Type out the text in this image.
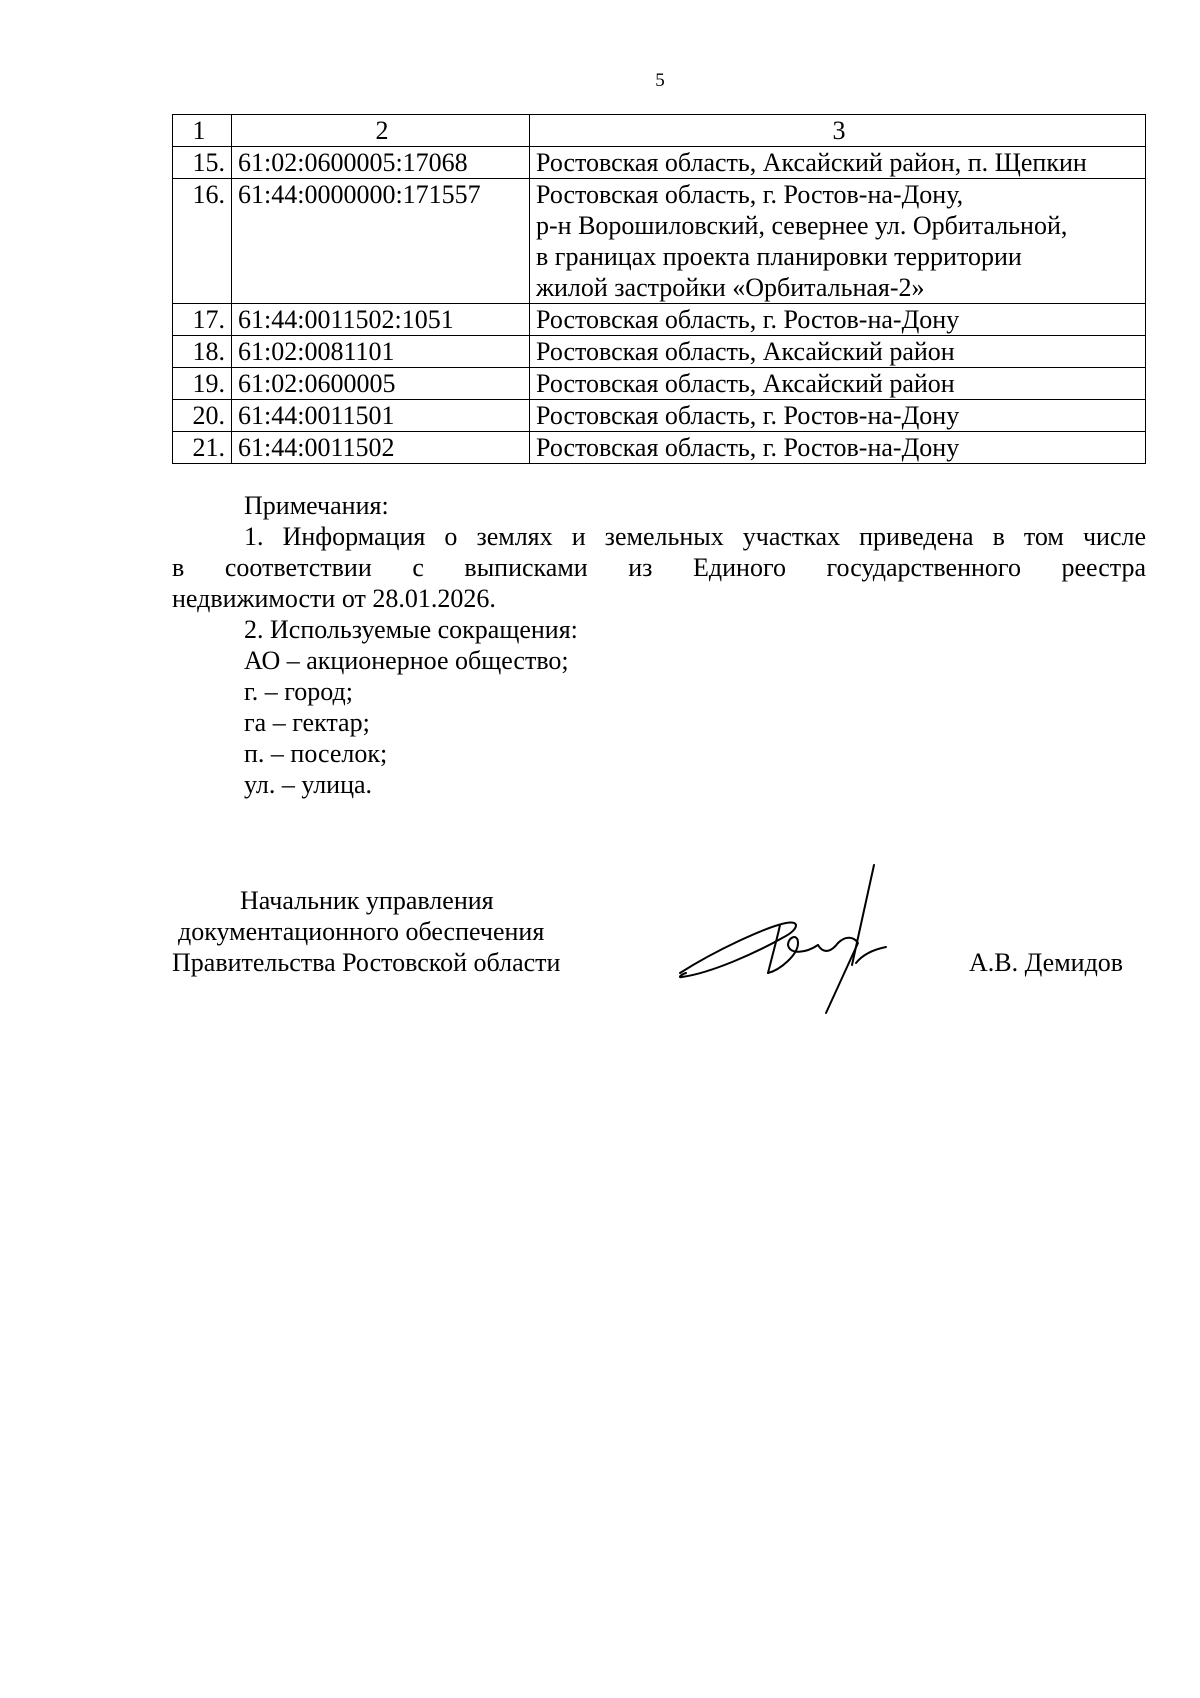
5
1	2	3
15.	61:02:0600005:17068	Ростовская область, Аксайский район, п. Щепкин

16.	61:44:0000000:171557	Ростовская область, г. Ростов-на-Дону,
р-н Ворошиловский, севернее ул. Орбитальной,
в границах проекта планировки территории
жилой застройки «Орбитальная-2»

17.	61:44:0011502:1051	Ростовская область, г. Ростов-на-Дону

18.	61:02:0081101	Ростовская область, Аксайский район

19.	61:02:0600005	Ростовская область, Аксайский район

20.	61:44:0011501	Ростовская область, г. Ростов-на-Дону

21.	61:44:0011502	Ростовская область, г. Ростов-на-Дону
Примечания:
1. Информация о землях и земельных участках приведена в том числе
в соответствии с выписками из Единого государственного реестра
недвижимости от 28.01.2026.
2. Используемые сокращения:
АО – акционерное общество;
г. – город;
га – гектар;
п. – поселок;
ул. – улица.
Начальник управления
документационного обеспечения
Правительства Ростовской области	А.В. Демидов
